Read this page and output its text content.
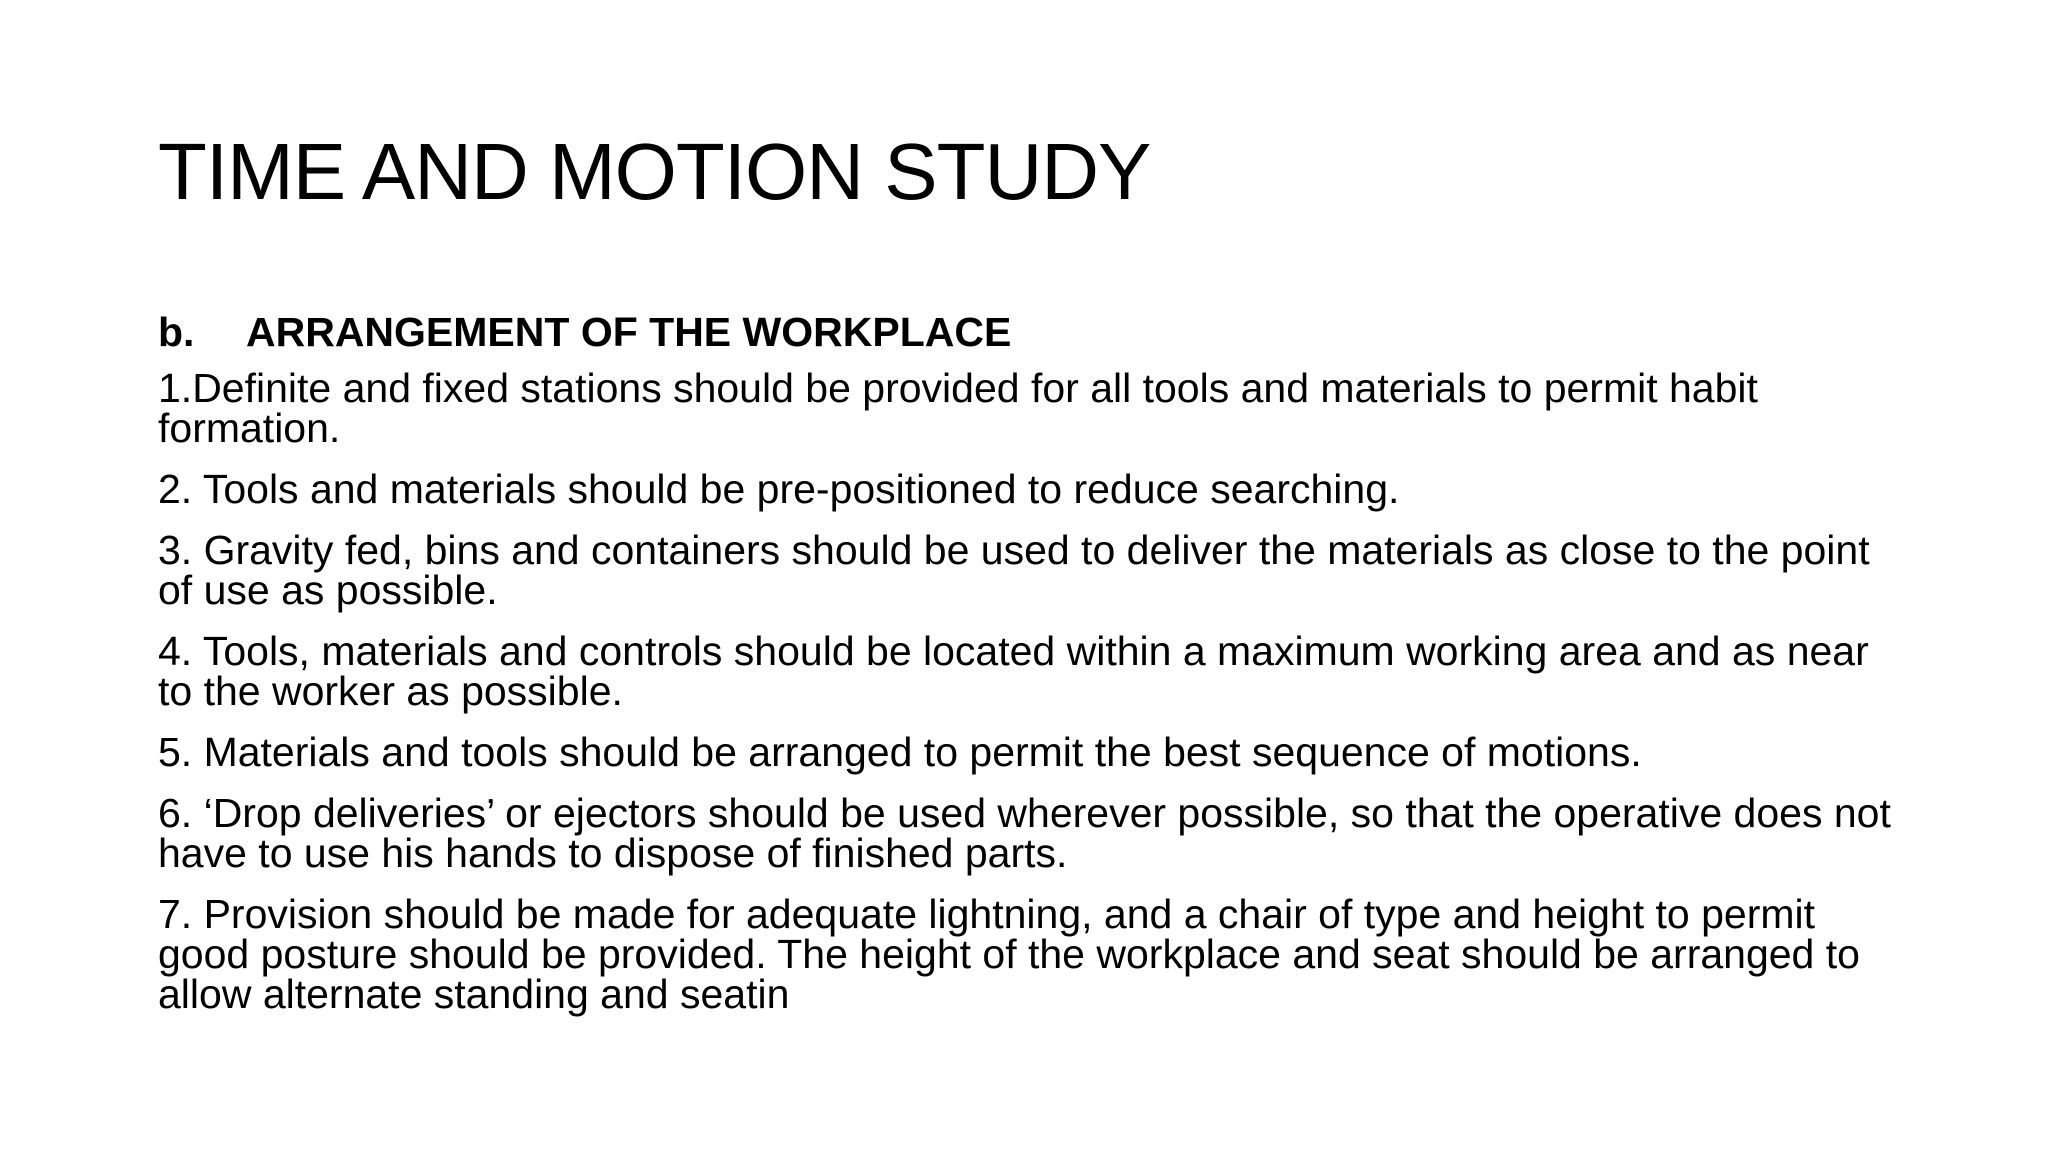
TIME AND MOTION STUDY
b.	ARRANGEMENT OF THE WORKPLACE

1.Definite and fixed stations should be provided for all tools and materials to permit habit formation.

2. Tools and materials should be pre-positioned to reduce searching.

3. Gravity fed, bins and containers should be used to deliver the materials as close to the point of use as possible.

4. Tools, materials and controls should be located within a maximum working area and as near to the worker as possible.

5. Materials and tools should be arranged to permit the best sequence of motions.

6. ‘Drop deliveries’ or ejectors should be used wherever possible, so that the operative does not have to use his hands to dispose of finished parts.

7. Provision should be made for adequate lightning, and a chair of type and height to permit good posture should be provided. The height of the workplace and seat should be arranged to allow alternate standing and seatin
